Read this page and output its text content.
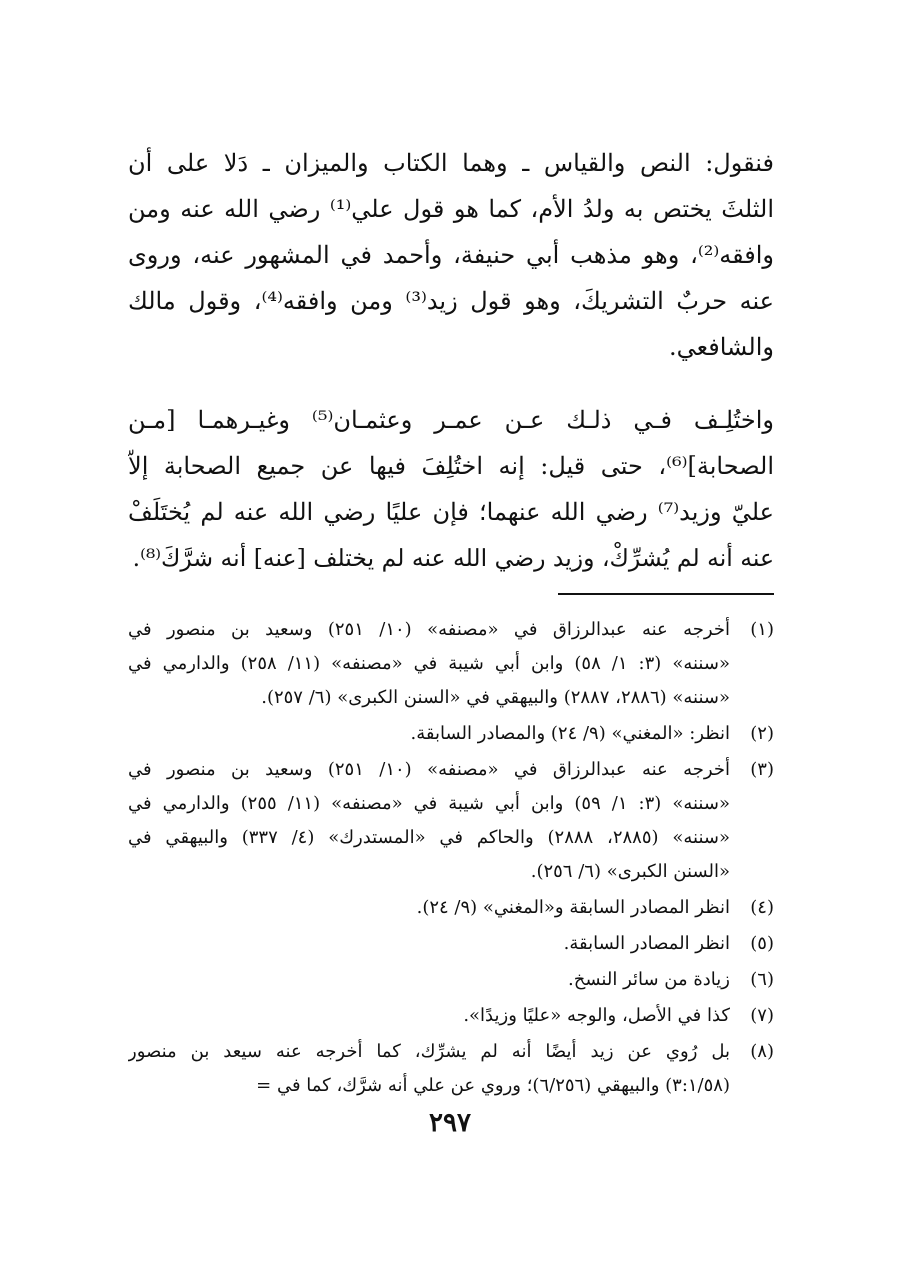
فنقول: النص والقياس ـ وهما الكتاب والميزان ـ دَلا على أن
الثلثَ يختص به ولدُ الأم، كما هو قول علي⁽¹⁾ رضي الله عنه ومن
وافقه⁽²⁾، وهو مذهب أبي حنيفة، وأحمد في المشهور عنه، وروى
عنه حربٌ التشريكَ، وهو قول زيد⁽³⁾ ومن وافقه⁽⁴⁾، وقول مالك
والشافعي.
واختُلِـف فـي ذلـك عـن عمـر وعثمـان⁽⁵⁾ وغيـرهمـا [مـن
الصحابة]⁽⁶⁾، حتى قيل: إنه اختُلِفَ فيها عن جميع الصحابة إلاّ
عليّ وزيد⁽⁷⁾ رضي الله عنهما؛ فإن عليًا رضي الله عنه لم يُختَلَفْ
عنه أنه لم يُشرِّكْ، وزيد رضي الله عنه لم يختلف [عنه] أنه شرَّكَ⁽⁸⁾.
(١)
أخرجه عنه عبدالرزاق في «مصنفه» (١٠/ ٢٥١) وسعيد بن منصور في
«سننه» (٣: ١/ ٥٨) وابن أبي شيبة في «مصنفه» (١١/ ٢٥٨) والدارمي في
«سننه» (٢٨٨٦، ٢٨٨٧) والبيهقي في «السنن الكبرى» (٦/ ٢٥٧).
(٢)
انظر: «المغني» (٩/ ٢٤) والمصادر السابقة.
(٣)
أخرجه عنه عبدالرزاق في «مصنفه» (١٠/ ٢٥١) وسعيد بن منصور في
«سننه» (٣: ١/ ٥٩) وابن أبي شيبة في «مصنفه» (١١/ ٢٥٥) والدارمي في
«سننه» (٢٨٨٥، ٢٨٨٨) والحاكم في «المستدرك» (٤/ ٣٣٧) والبيهقي في
«السنن الكبرى» (٦/ ٢٥٦).
(٤)
انظر المصادر السابقة و«المغني» (٩/ ٢٤).
(٥)
انظر المصادر السابقة.
(٦)
زيادة من سائر النسخ.
(٧)
كذا في الأصل، والوجه «عليًا وزيدًا».
(٨)
بل رُوي عن زيد أيضًا أنه لم يشرِّك، كما أخرجه عنه سيعد بن منصور
(٣:١/٥٨) والبيهقي (٦/٢٥٦)؛ وروي عن علي أنه شرَّك، كما في =
٢٩٧
